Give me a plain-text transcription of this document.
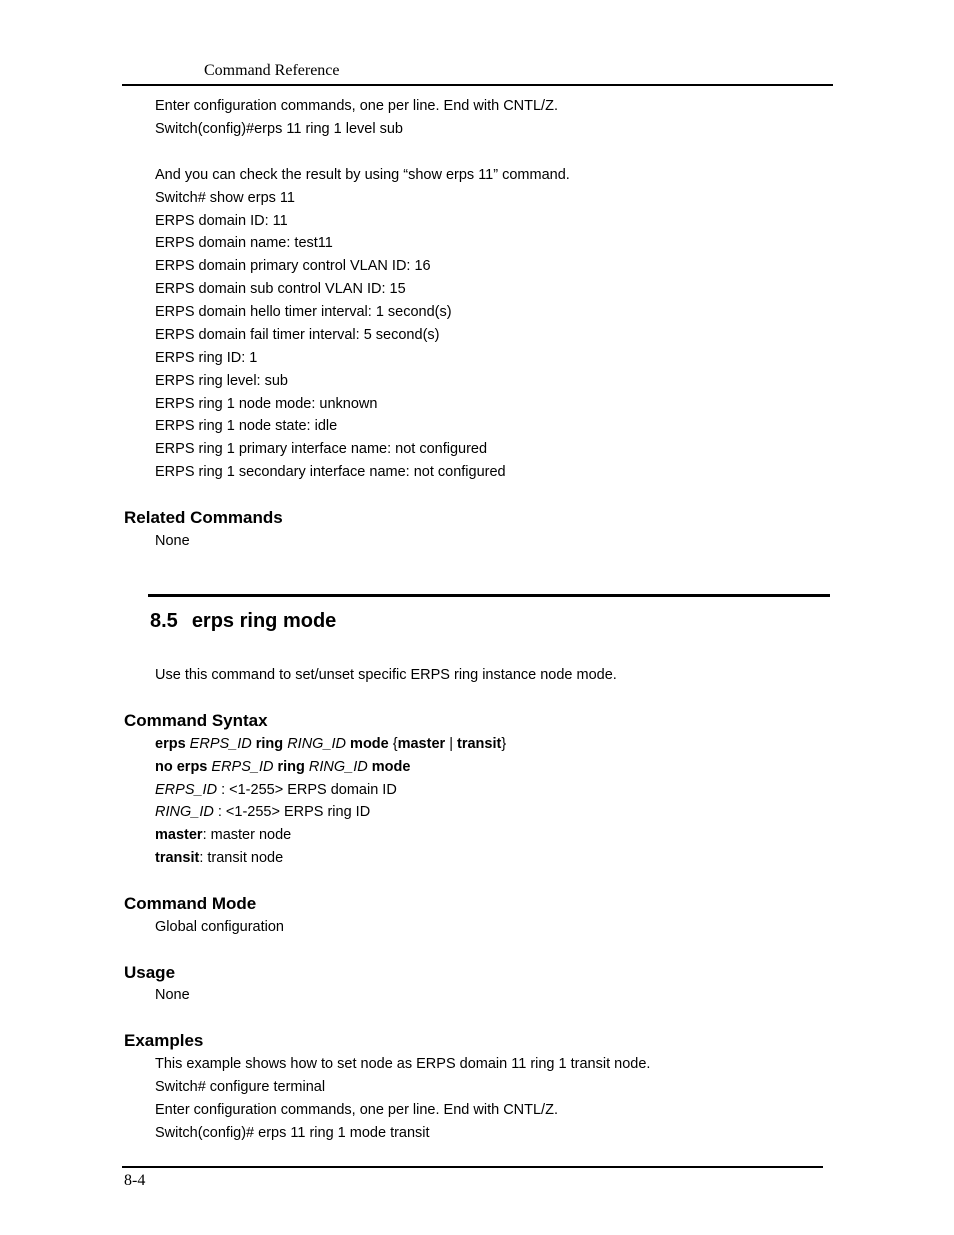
Command Reference
Enter configuration commands, one per line. End with CNTL/Z.
Switch(config)#erps 11 ring 1 level sub
And you can check the result by using “show erps 11” command.
Switch# show erps 11
ERPS domain ID: 11
ERPS domain name: test11
ERPS domain primary control VLAN ID: 16
ERPS domain sub control VLAN ID: 15
ERPS domain hello timer interval: 1 second(s)
ERPS domain fail timer interval: 5 second(s)
ERPS ring ID: 1
ERPS ring level: sub
ERPS ring 1 node mode: unknown
ERPS ring 1 node state: idle
ERPS ring 1 primary interface name: not configured
ERPS ring 1 secondary interface name: not configured
Related Commands
None
8.5 erps ring mode
Use this command to set/unset specific ERPS ring instance node mode.
Command Syntax
erps ERPS_ID ring RING_ID mode {master | transit}
no erps ERPS_ID ring RING_ID mode
ERPS_ID : <1-255> ERPS domain ID
RING_ID : <1-255> ERPS ring ID
master: master node
transit: transit node
Command Mode
Global configuration
Usage
None
Examples
This example shows how to set node as ERPS domain 11 ring 1 transit node.
Switch# configure terminal
Enter configuration commands, one per line. End with CNTL/Z.
Switch(config)# erps 11 ring 1 mode transit
8-4
